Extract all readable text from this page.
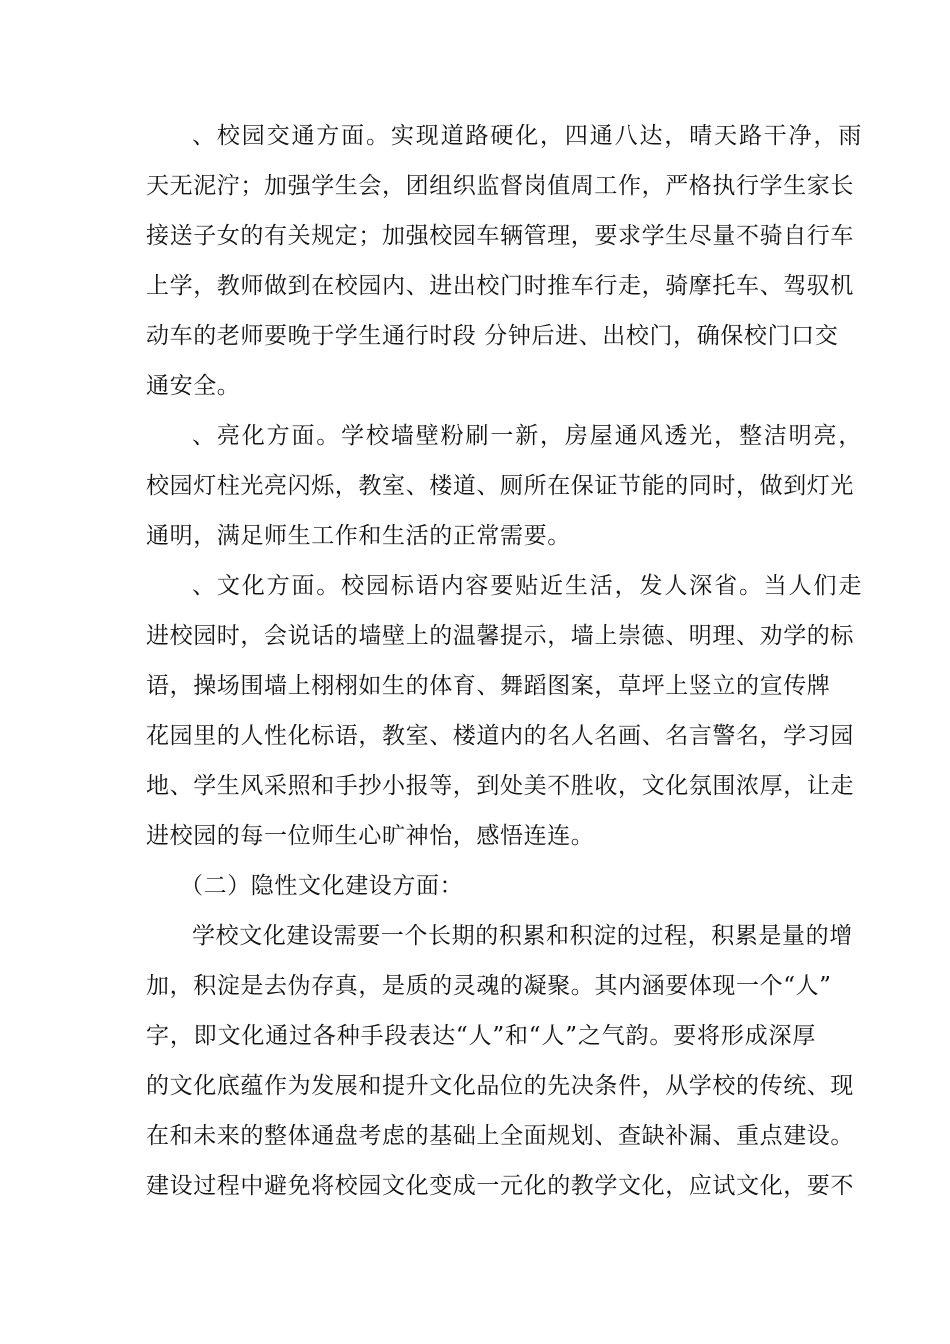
、校园交通方面。实现道路硬化，四通八达，晴天路干净，雨
天无泥泞；加强学生会，团组织监督岗值周工作，严格执行学生家长
接送子女的有关规定；加强校园车辆管理，要求学生尽量不骑自行车
上学，教师做到在校园内、进出校门时推车行走，骑摩托车、驾驭机
动车的老师要晚于学生通行时段 分钟后进、出校门，确保校门口交
通安全。
、亮化方面。学校墙壁粉刷一新，房屋通风透光，整洁明亮，
校园灯柱光亮闪烁，教室、楼道、厕所在保证节能的同时，做到灯光
通明，满足师生工作和生活的正常需要。
、文化方面。校园标语内容要贴近生活，发人深省。当人们走
进校园时，会说话的墙壁上的温馨提示，墙上崇德、明理、劝学的标
语，操场围墙上栩栩如生的体育、舞蹈图案，草坪上竖立的宣传牌
花园里的人性化标语，教室、楼道内的名人名画、名言警名，学习园
地、学生风采照和手抄小报等，到处美不胜收，文化氛围浓厚，让走
进校园的每一位师生心旷神怡，感悟连连。
（二）隐性文化建设方面：
学校文化建设需要一个长期的积累和积淀的过程，积累是量的增
加，积淀是去伪存真，是质的灵魂的凝聚。其内涵要体现一个“人”
字，即文化通过各种手段表达“人”和“人”之气韵。要将形成深厚
的文化底蕴作为发展和提升文化品位的先决条件，从学校的传统、现
在和未来的整体通盘考虑的基础上全面规划、查缺补漏、重点建设。
建设过程中避免将校园文化变成一元化的教学文化，应试文化，要不
